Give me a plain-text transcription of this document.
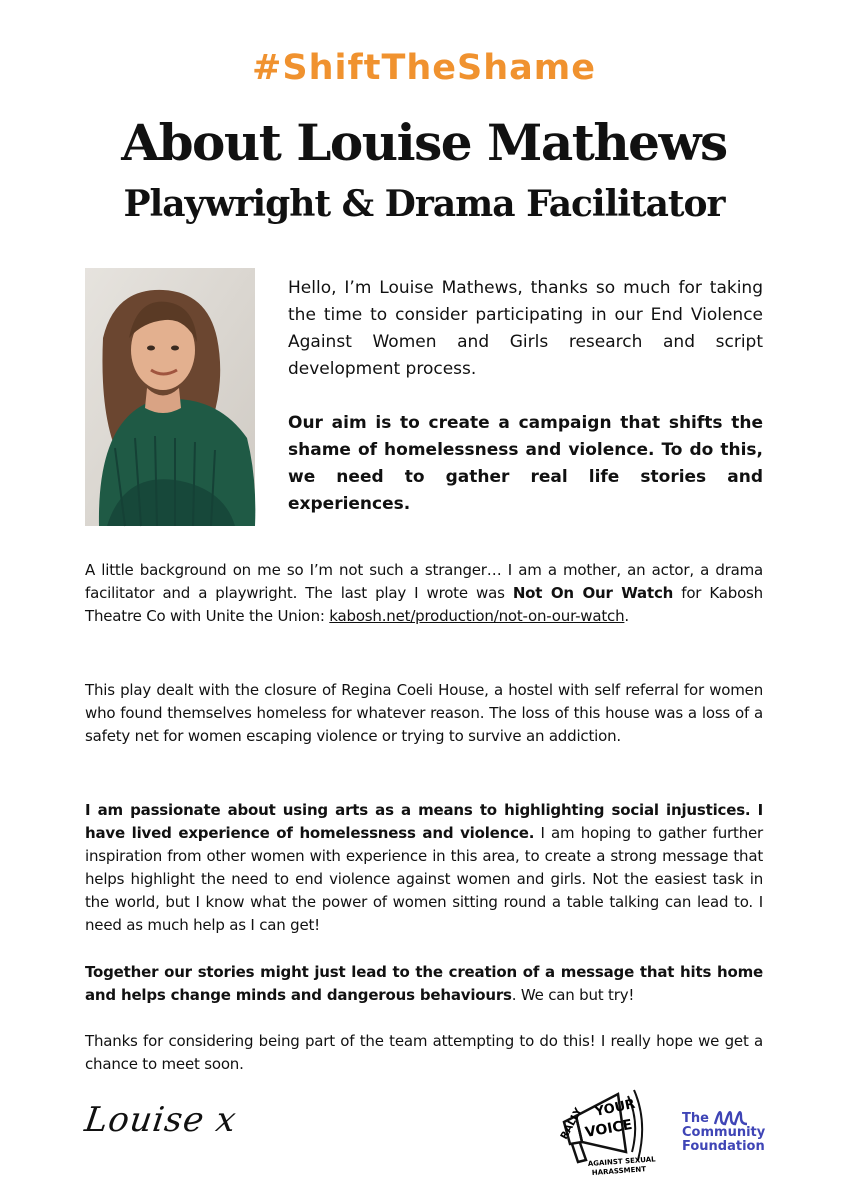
#ShiftTheShame
About Louise Mathews
Playwright & Drama Facilitator
Hello, I’m Louise Mathews, thanks so much for taking the time to consider participating in our End Violence Against Women and Girls research and script development process.
Our aim is to create a campaign that shifts the shame of homelessness and violence. To do this, we need to gather real life stories and experiences.
A little background on me so I’m not such a stranger… I am a mother, an actor, a drama facilitator and a playwright. The last play I wrote was Not On Our Watch for Kabosh Theatre Co with Unite the Union: kabosh.net/production/not-on-our-watch.
This play dealt with the closure of Regina Coeli House, a hostel with self referral for women who found themselves homeless for whatever reason. The loss of this house was a loss of a safety net for women escaping violence or trying to survive an addiction.
I am passionate about using arts as a means to highlighting social injustices. I have lived experience of homelessness and violence. I am hoping to gather further inspiration from other women with experience in this area, to create a strong message that helps highlight the need to end violence against women and girls. Not the easiest task in the world, but I know what the power of women sitting round a table talking can lead to. I need as much help as I can get!
Together our stories might just lead to the creation of a message that hits home and helps change minds and dangerous behaviours. We can but try!
Thanks for considering being part of the team attempting to do this! I really hope we get a chance to meet soon.
Louise x	RALLY YOUR
VOICE
AGAINST SEXUAL
HARASSMENT
The
Community
Foundation
